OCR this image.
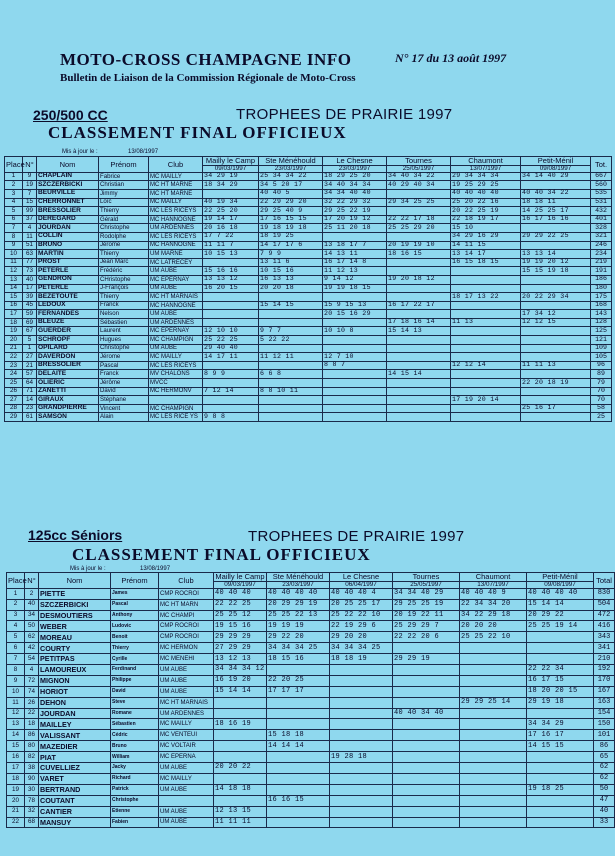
MOTO-CROSS CHAMPAGNE INFO	N° 17 du 13 août 1997
Bulletin de Liaison de la Commission Régionale de Moto-Cross
250/500 CC	TROPHEES DE PRAIRIE 1997
CLASSEMENT FINAL OFFICIEUX
Mis à jour le :	13/08/1997
Place	N°	Nom	Prénom	Club	Mailly le Camp	Ste Ménéhould	Le Chesne	Tournes	Chaumont	Petit-Ménil	Tot.
					09/03/1997	23/03/1997	23/03/1997	25/05/1997	13/07/1997	09/08/1997	
1	9	CHAPLAIN	Fabrice	MC MAILLY	34 29 19	25 34 34 22	18 29 25 20	34 40 34 22	29 34 34 34	34 14 40 29	667
2	19	SZCZERBICKI	Christian	MC HT MARNE	18 34 29	34 5 20 17	34 40 34 34	40 29 40 34	19 25 29 25		560
3	7	BEURVILLE	Jimmy	MC HT MARNE		40 40 5	34 34 40 40		40 40 40 40	40 40 34 22	535
4	15	CHERRONNET	Loïc	MC MAILLY	40 19 34	22 29 29 20	32 22 29 32	29 34 25 25	25 20 22 16	18 18 11	531
5	99	BRESSOLIER	Thierry	MC LES RICEYS	22 25 20	29 25 40 9	29 25 22 19		20 22 25 19	14 25 25 17	432
6	37	DEREGARD	Gérald	MC HANNOGNE	19 14 17	17 16 15 15	17 20 19 12	22 22 17 18	22 18 19 17	16 17 16 16	401
7	4	JOURDAN	Christophe	UM ARDENNES	20 16 18	19 18 19 18	25 11 20 18	25 25 29 20	15 10		328
8	11	COLLIN	Rodolphe	MC LES RICEYS	17 7 22	18 19 25			34 29 16 29	29 29 22 25	321
9	51	BRUNO	Jérome	MC HANNOGNE	11 11 7	14 17 17 6	13 18 17 7	20 19 19 10	14 11 15		246
10	63	MARTIN	Thierry	UM MARNE	10 15 13	7 9 9	14 13 11	18 16 15	13 14 17	13 13 14	234
11	77	PROST	Jean Marc	MC LATRECEY		13 11 6	16 17 14 8		16 15 18 15	19 19 20 12	219
12	73	PETERLE	Frédéric	UM AUBE	15 16 16	10 15 16	11 12 13			15 15 19 18	191
13	40	GENDRON	CHristophe	MC EPERNAY	13 13 12	16 13 13	9 14 12	19 20 18 12			186
14	17	PETERLE	J-François	UM AUBE	16 20 15	20 20 18	19 19 18 15				180
15	39	BEZETOUTE	Thierry	MC HT MARNAIS					18 17 13 22	20 22 29 34	175
16	45	LEDOUX	Franck	MC HANNOGNE		15 14 15	15 9 15 13	16 17 22 17			168
17	59	FERNANDES	Nelson	UM AUBE			20 15 16 29			17 34 12	143
18	69	BLEUZE	Sébastien	UM ARDENNES				17 18 16 14	11 13	12 12 15	128
19	67	GUERDER	Laurent	MC EPERNAY	12 10 10	9 7 7	10 10 8	15 14 13			125
20	5	SCHROPF	Hugues	MC CHAMPIGN	25 22 25	5 22 22					121
21	1	OPILARD	Christophe	UM AUBE	29 40 40						109
22	27	DAVERDON	Jérome	MC MAILLY	14 17 11	11 12 11	12 7 10				105
23	21	BRESSOLIER	Pascal	MC LES RICEYS			8 8 7		12 12 14	11 11 13	96
24	57	DELAITE	Franck	MV CHALONS	8 9 9	6 6 8		14 15 14			89
25	64	OLIERIC	Jérôme	MVCC						22 20 18 19	79
26	71	ZANETTI	David	MC HERMONV	7 12 14	8 8 10 11					70
27	14	GIRAUX	Stéphane						17 19 20 14		70
28	23	GRANDPIERRE	Vincent	MC CHAMPIGN						25 16 17	58
29	61	SAMSON	Alain	MC LES RICE YS	9 8 8						25
125cc Séniors	TROPHEES DE PRAIRIE 1997
CLASSEMENT FINAL OFFICIEUX
Mis à jour le :	13/08/1997
Place	N°	Nom	Prénom	Club	Mailly le Camp	Ste Ménéhould	Le Chesne	Tournes	Chaumont	Petit-Ménil	Total
					09/03/1997	23/03/1997	06/04/1997	25/05/1997	13/07/1997	09/08/1997	
1	2	PIETTE	James	CMP ROCROI	40 40 40	40 40 40 40	40 40 40 4	34 34 40 29	40 40 40 9	40 40 40 40	830
2	40	SZCZERBICKI	Pascal	MC HT MARN	22 22 25	20 29 29 19	20 25 25 17	29 25 25 19	22 34 34 20	15 14 14	504
3	34	DESMOUTIERS	Anthony	MC CHAMPI	25 25 12	25 25 22 13	25 22 22 10	20 19 22 11	34 22 29 18	20 29 22	472
4	50	WEBER	Ludovic	CMP ROCROI	19 15 16	19 19 19	22 19 29 6	25 29 29 7	20 20 20	25 25 19 14	416
5	62	MOREAU	Benoit	CMP ROCROI	29 29 29	29 22 20	29 20 20	22 22 20 6	25 25 22 10		343
6	42	COURTY	Thierry	MC HERMON	27 29 29	34 34 34 25	34 34 34 25				341
7	54	PETITPAS	Cyrille	MC MENEHI	13 12 13	18 15 16	18 18 19	29 29 19			210
8	4	LAMOUREUX	Ferdinand	UM AUBE	34 34 34 12					22 22 34	192
9	72	MIGNON	Philippe	UM AUBE	16 19 20	22 20 25				16 17 15	170
10	74	HORIOT	David	UM AUBE	15 14 14	17 17 17				18 20 20 15	167
11	26	DEHON	Steve	MC HT MARNAIS					29 29 25 14	29 19 18	163
12	22	JOURDAN	Romane	UM ARDENNES				40 40 34 40			154
13	18	MAILLEY	Sébastien	MC MAILLY	18 16 19					34 34 29	150
14	86	VALISSANT	Cédric	MC VENTEUI		15 18 18				17 16 17	101
15	80	MAZEDIER	Bruno	MC VOLTAIR		14 14 14				14 15 15	86
16	82	PIAT	William	MC EPERNA			19 28 18				65
17	38	CUVELLIEZ	Jacky	UM AUBE	20 20 22						62
18	90	VARET	Richard	MC MAILLY							62
19	30	BERTRAND	Patrick	UM AUBE	14 18 18					19 18 25	50
20	78	COUTANT	Christophe			16 16 15					47
21	32	CANTIER	Etienne	UM AUBE	12 13 15						40
22	68	MANSUY	Fabien	UM AUBE	11 11 11						33
